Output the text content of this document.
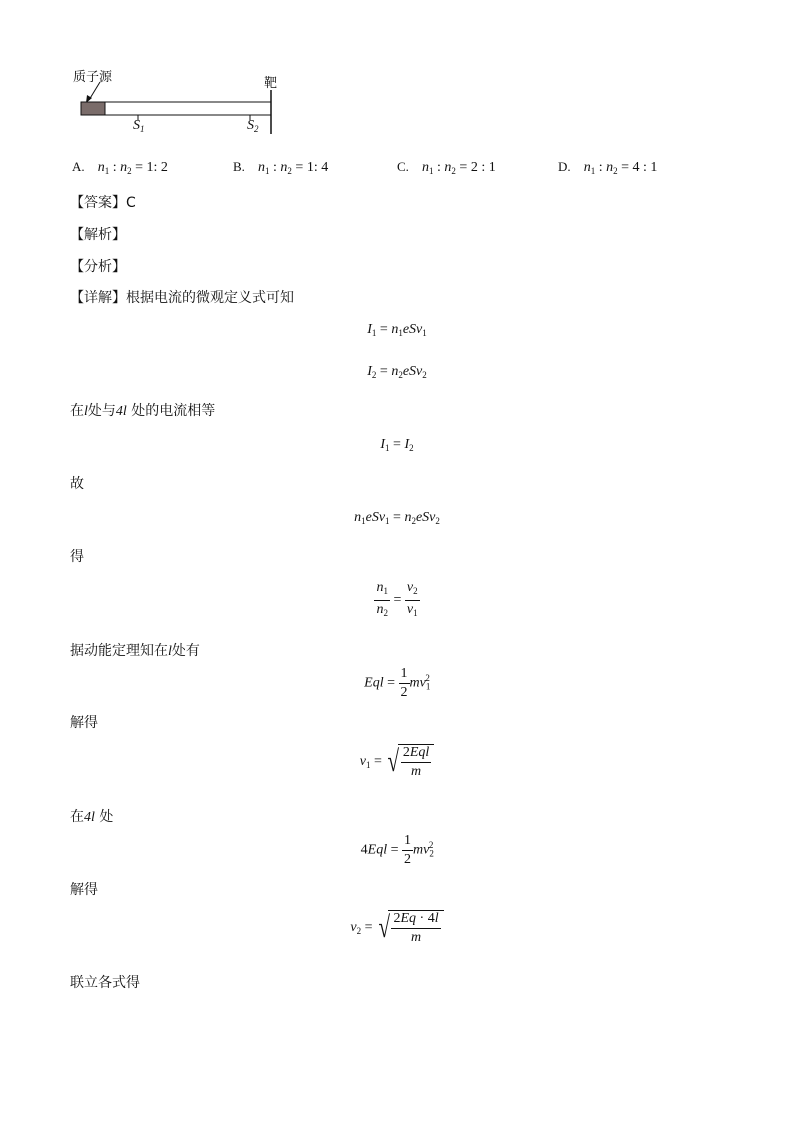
质子源	靶
$S_1$	$S_2$
A. $n_1$ : $n_2 = 1$: 2	B. $n_1$ : $n_2 = 1$: 4	C. $n_1$ : $n_2 = 2$ : 1	D. $n_1$ : $n_2 = 4$ : 1
【答案】C
【解析】
【分析】
【详解】根据电流的微观定义式可知
$I_1 = n_1eSv_1$
$I_2 = n_2eSv_2$
在l处与4l 处的电流相等
$I_1 = I_2$
故
$n_1eSv_1 = n_2eSv_2$
得
$\frac{n_1}{n_2} = \frac{v_2}{v_1}$
据动能定理知在l处有
Eql = $\frac{1}{2} mv_1^2$
解得
$v_1$ = √ $\frac{\text{2Eql}}{m}$
在4l 处
$4Eql = \frac{1}{2} mv_2^2$
解得
$v_2$ = √ $\frac{2Eq \cdot 4l}{m}$
联立各式得
